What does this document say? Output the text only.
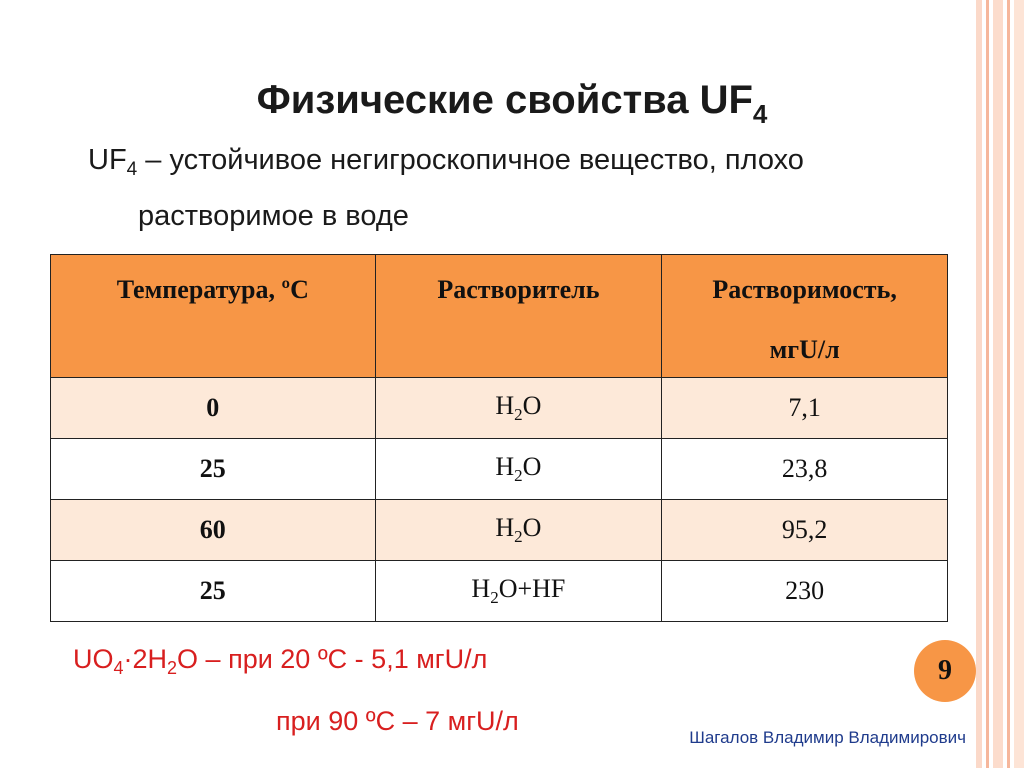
Физические свойства $UF_4$
$UF_4$ – устойчивое негигроскопичное вещество, плохо
растворимое в воде
Температура, ºС	Растворитель	Растворимость,
мгU/л

0	$H_2O$	7,1
25	$H_2O$	23,8
60	$H_2O$	95,2
25	$H_2O+HF$	230
$UO_4\cdot 2H_2O$ – при 20 ºС - 5,1 мгU/л
при 90 ºС – 7 мгU/л
9
Шагалов Владимир Владимирович
